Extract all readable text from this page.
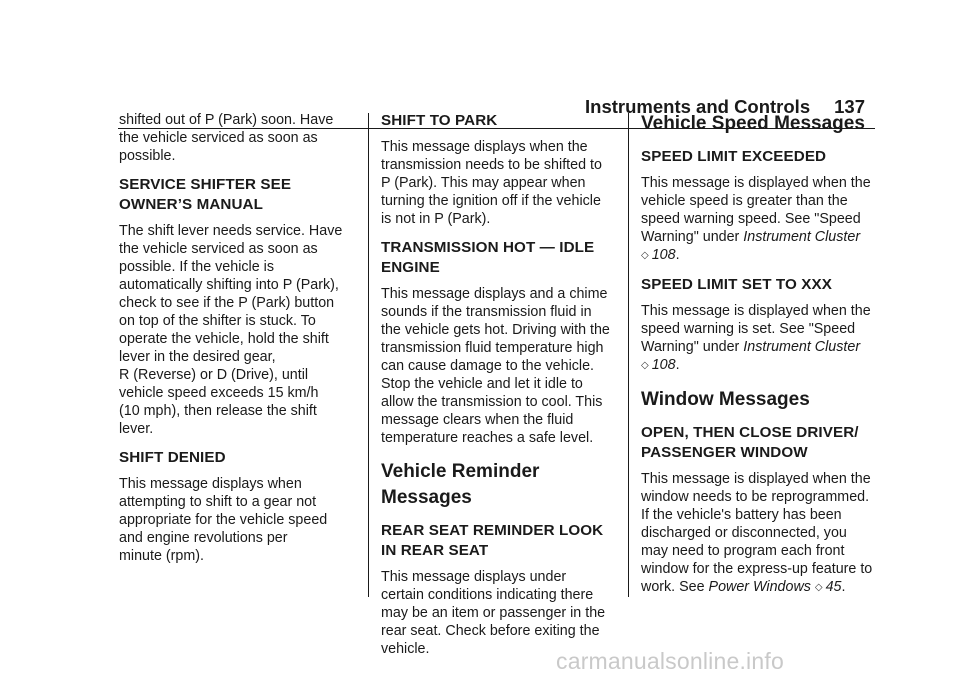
Instruments and Controls 137

shifted out of P (Park) soon. Have
the vehicle serviced as soon as
possible.

SERVICE SHIFTER SEE
OWNER’S MANUAL

The shift lever needs service. Have
the vehicle serviced as soon as
possible. If the vehicle is
automatically shifting into P (Park),
check to see if the P (Park) button
on top of the shifter is stuck. To
operate the vehicle, hold the shift
lever in the desired gear,
R (Reverse) or D (Drive), until
vehicle speed exceeds 15 km/h
(10 mph), then release the shift
lever.

SHIFT DENIED

This message displays when
attempting to shift to a gear not
appropriate for the vehicle speed
and engine revolutions per
minute (rpm).

SHIFT TO PARK

This message displays when the
transmission needs to be shifted to
P (Park). This may appear when
turning the ignition off if the vehicle
is not in P (Park).

TRANSMISSION HOT — IDLE
ENGINE

This message displays and a chime
sounds if the transmission fluid in
the vehicle gets hot. Driving with the
transmission fluid temperature high
can cause damage to the vehicle.
Stop the vehicle and let it idle to
allow the transmission to cool. This
message clears when the fluid
temperature reaches a safe level.

Vehicle Reminder
Messages
REAR SEAT REMINDER LOOK
IN REAR SEAT

This message displays under
certain conditions indicating there
may be an item or passenger in the
rear seat. Check before exiting the
vehicle.

Vehicle Speed Messages
SPEED LIMIT EXCEEDED

This message is displayed when the
vehicle speed is greater than the
speed warning speed. See "Speed
Warning" under Instrument Cluster
◇ 108.

SPEED LIMIT SET TO XXX

This message is displayed when the
speed warning is set. See "Speed
Warning" under Instrument Cluster
◇ 108.

Window Messages
OPEN, THEN CLOSE DRIVER/
PASSENGER WINDOW

This message is displayed when the
window needs to be reprogrammed.
If the vehicle's battery has been
discharged or disconnected, you
may need to program each front
window for the express-up feature to
work. See Power Windows ◇ 45.

carmanualsonline.info
